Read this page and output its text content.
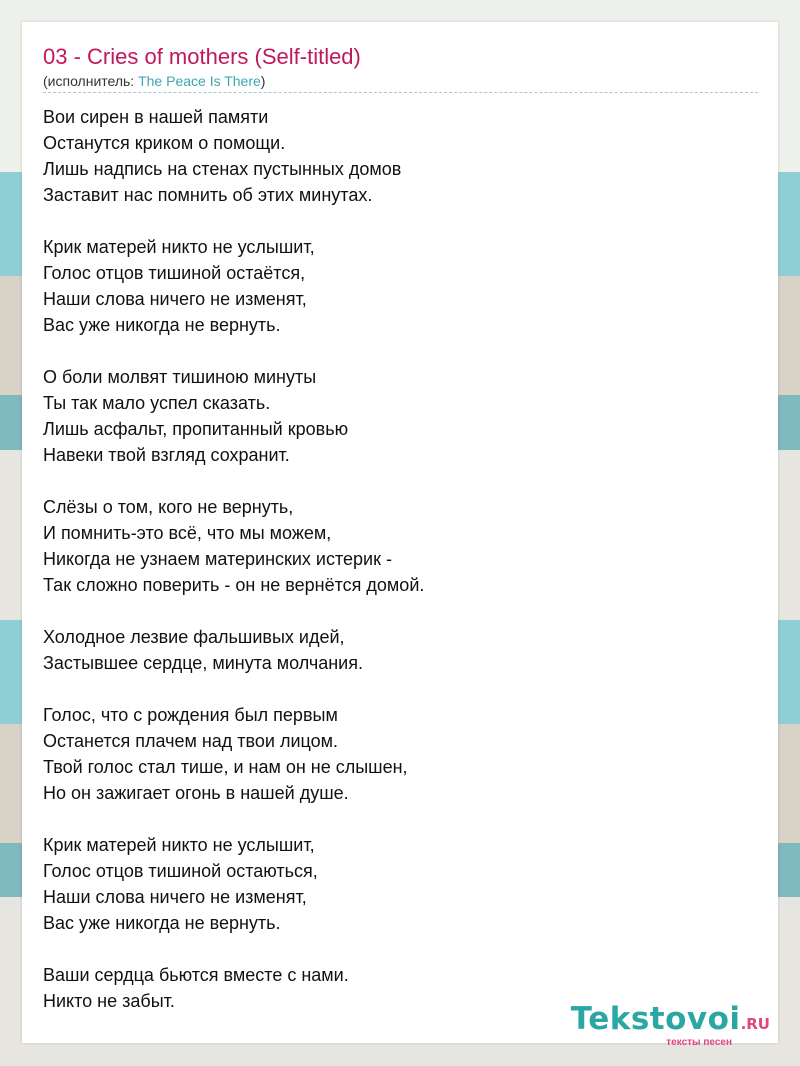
03 - Cries of mothers (Self-titled)
(исполнитель: The Peace Is There)
Вои сирен в нашей памяти
Останутся криком о помощи.
Лишь надпись на стенах пустынных домов
Заставит нас помнить об этих минутах.
Крик матерей никто не услышит,
Голос отцов тишиной остаётся,
Наши слова ничего не изменят,
Вас уже никогда не вернуть.
О боли молвят тишиною минуты
Ты так мало успел сказать.
Лишь асфальт, пропитанный кровью
Навеки твой взгляд сохранит.
Слёзы о том, кого не вернуть,
И помнить-это всё, что мы можем,
Никогда не узнаем материнских истерик -
Так сложно поверить - он не вернётся домой.
Холодное лезвие фальшивых идей,
Застывшее сердце, минута молчания.
Голос, что с рождения был первым
Останется плачем над твои лицом.
Твой голос стал тише, и нам он не слышен,
Но он зажигает огонь в нашей душе.
Крик матерей никто не услышит,
Голос отцов тишиной остаються,
Наши слова ничего не изменят,
Вас уже никогда не вернуть.
Ваши сердца бьются вместе с нами.
Никто не забыт.	Tekstovoi.RU
тексты песен
